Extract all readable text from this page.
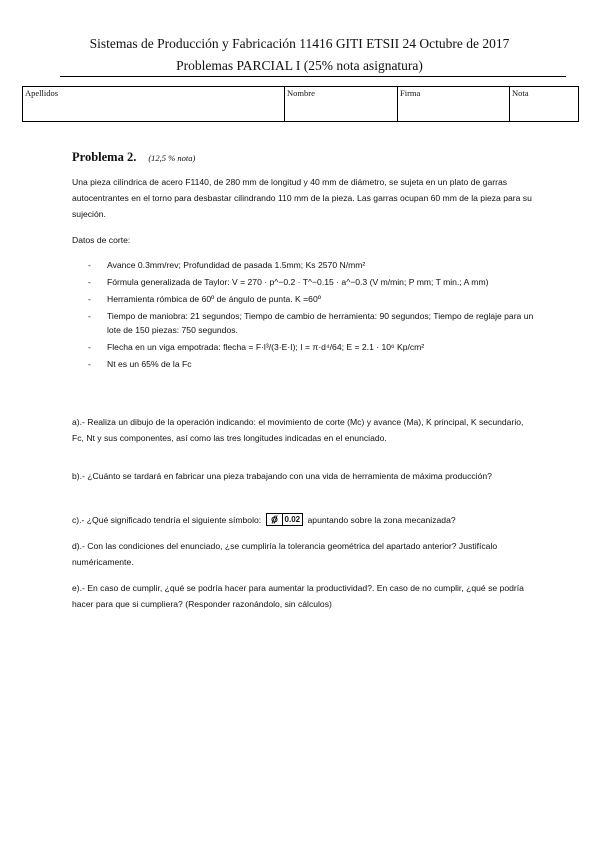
Sistemas de Producción y Fabricación 11416 GITI ETSII 24 Octubre de 2017
Problemas PARCIAL I (25% nota asignatura)
Apellidos	Nombre	Firma	Nota
Problema 2. (12,5 % nota)
Una pieza cilíndrica de acero F1140, de 280 mm de longitud y 40 mm de diámetro, se sujeta en un plato de garras autocentrantes en el torno para desbastar cilindrando 110 mm de la pieza. Las garras ocupan 60 mm de la pieza para su sujeción.
Datos de corte:
- Avance 0.3mm/rev; Profundidad de pasada 1.5mm; Ks 2570 N/mm²
- Fórmula generalizada de Taylor: V = 270 · p^−0.2 · T^−0.15 · a^−0.3 (V m/min; P mm; T min.; A mm)
- Herramienta rómbica de 60º de ángulo de punta. K =60º
- Tiempo de maniobra: 21 segundos; Tiempo de cambio de herramienta: 90 segundos; Tiempo de reglaje para un lote de 150 piezas: 750 segundos.
- Flecha en un viga empotrada: flecha = F·l³/(3·E·I); I = π·d⁴/64; E = 2.1 · 10⁶ Kp/cm²
- Nt es un 65% de la Fc
a).- Realiza un dibujo de la operación indicando: el movimiento de corte (Mc) y avance (Ma), K principal, K secundario, Fc, Nt y sus componentes, así como las tres longitudes indicadas en el enunciado.
b).- ¿Cuánto se tardará en fabricar una pieza trabajando con una vida de herramienta de máxima producción?
c).- ¿Qué significado tendría el siguiente símbolo:	0.02 apuntando sobre la zona mecanizada?
d).- Con las condiciones del enunciado, ¿se cumpliría la tolerancia geométrica del apartado anterior? Justifícalo numéricamente.
e).- En caso de cumplir, ¿qué se podría hacer para aumentar la productividad?. En caso de no cumplir, ¿qué se podría hacer para que si cumpliera? (Responder razonándolo, sin cálculos)
